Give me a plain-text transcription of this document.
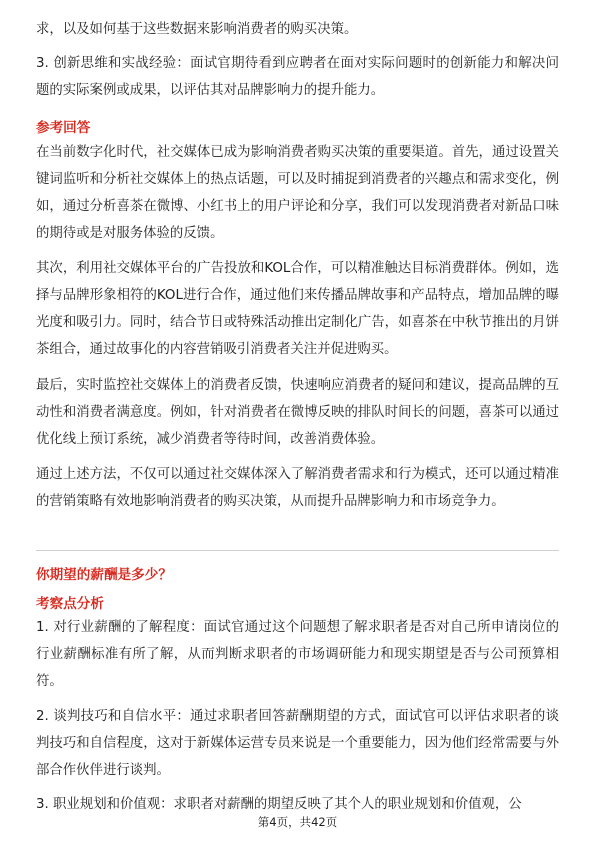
求，以及如何基于这些数据来影响消费者的购买决策。

3. 创新思维和实战经验：面试官期待看到应聘者在面对实际问题时的创新能力和解决问题的实际案例或成果，以评估其对品牌影响力的提升能力。

参考回答

在当前数字化时代，社交媒体已成为影响消费者购买决策的重要渠道。首先，通过设置关键词监听和分析社交媒体上的热点话题，可以及时捕捉到消费者的兴趣点和需求变化，例如，通过分析喜茶在微博、小红书上的用户评论和分享，我们可以发现消费者对新品口味的期待或是对服务体验的反馈。

其次，利用社交媒体平台的广告投放和KOL合作，可以精准触达目标消费群体。例如，选择与品牌形象相符的KOL进行合作，通过他们来传播品牌故事和产品特点，增加品牌的曝光度和吸引力。同时，结合节日或特殊活动推出定制化广告，如喜茶在中秋节推出的月饼茶组合，通过故事化的内容营销吸引消费者关注并促进购买。

最后，实时监控社交媒体上的消费者反馈，快速响应消费者的疑问和建议，提高品牌的互动性和消费者满意度。例如，针对消费者在微博反映的排队时间长的问题，喜茶可以通过优化线上预订系统，减少消费者等待时间，改善消费体验。

通过上述方法，不仅可以通过社交媒体深入了解消费者需求和行为模式，还可以通过精准的营销策略有效地影响消费者的购买决策，从而提升品牌影响力和市场竞争力。

你期望的薪酬是多少？
考察点分析

1. 对行业薪酬的了解程度：面试官通过这个问题想了解求职者是否对自己所申请岗位的行业薪酬标准有所了解，从而判断求职者的市场调研能力和现实期望是否与公司预算相符。

2. 谈判技巧和自信水平：通过求职者回答薪酬期望的方式，面试官可以评估求职者的谈判技巧和自信程度，这对于新媒体运营专员来说是一个重要能力，因为他们经常需要与外部合作伙伴进行谈判。

3. 职业规划和价值观：求职者对薪酬的期望反映了其个人的职业规划和价值观，公

第4页，共42页
